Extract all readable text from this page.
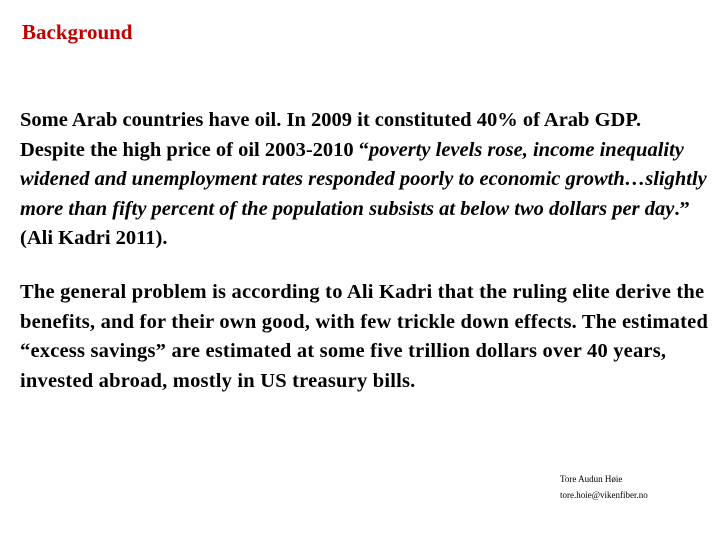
Background

Some Arab countries have oil. In 2009 it constituted 40% of Arab GDP. Despite the high price of oil 2003-2010 “poverty levels rose, income inequality widened and unemployment rates responded poorly to economic growth…slightly more than fifty percent of the population subsists at below two dollars per day.” (Ali Kadri 2011).

The general problem is according to Ali Kadri that the ruling elite derive the benefits, and for their own good, with few trickle down effects. The estimated “excess savings” are estimated at some five trillion dollars over 40 years, invested abroad, mostly in US treasury bills.

Tore Audun Høie
tore.hoie@vikenfiber.no
